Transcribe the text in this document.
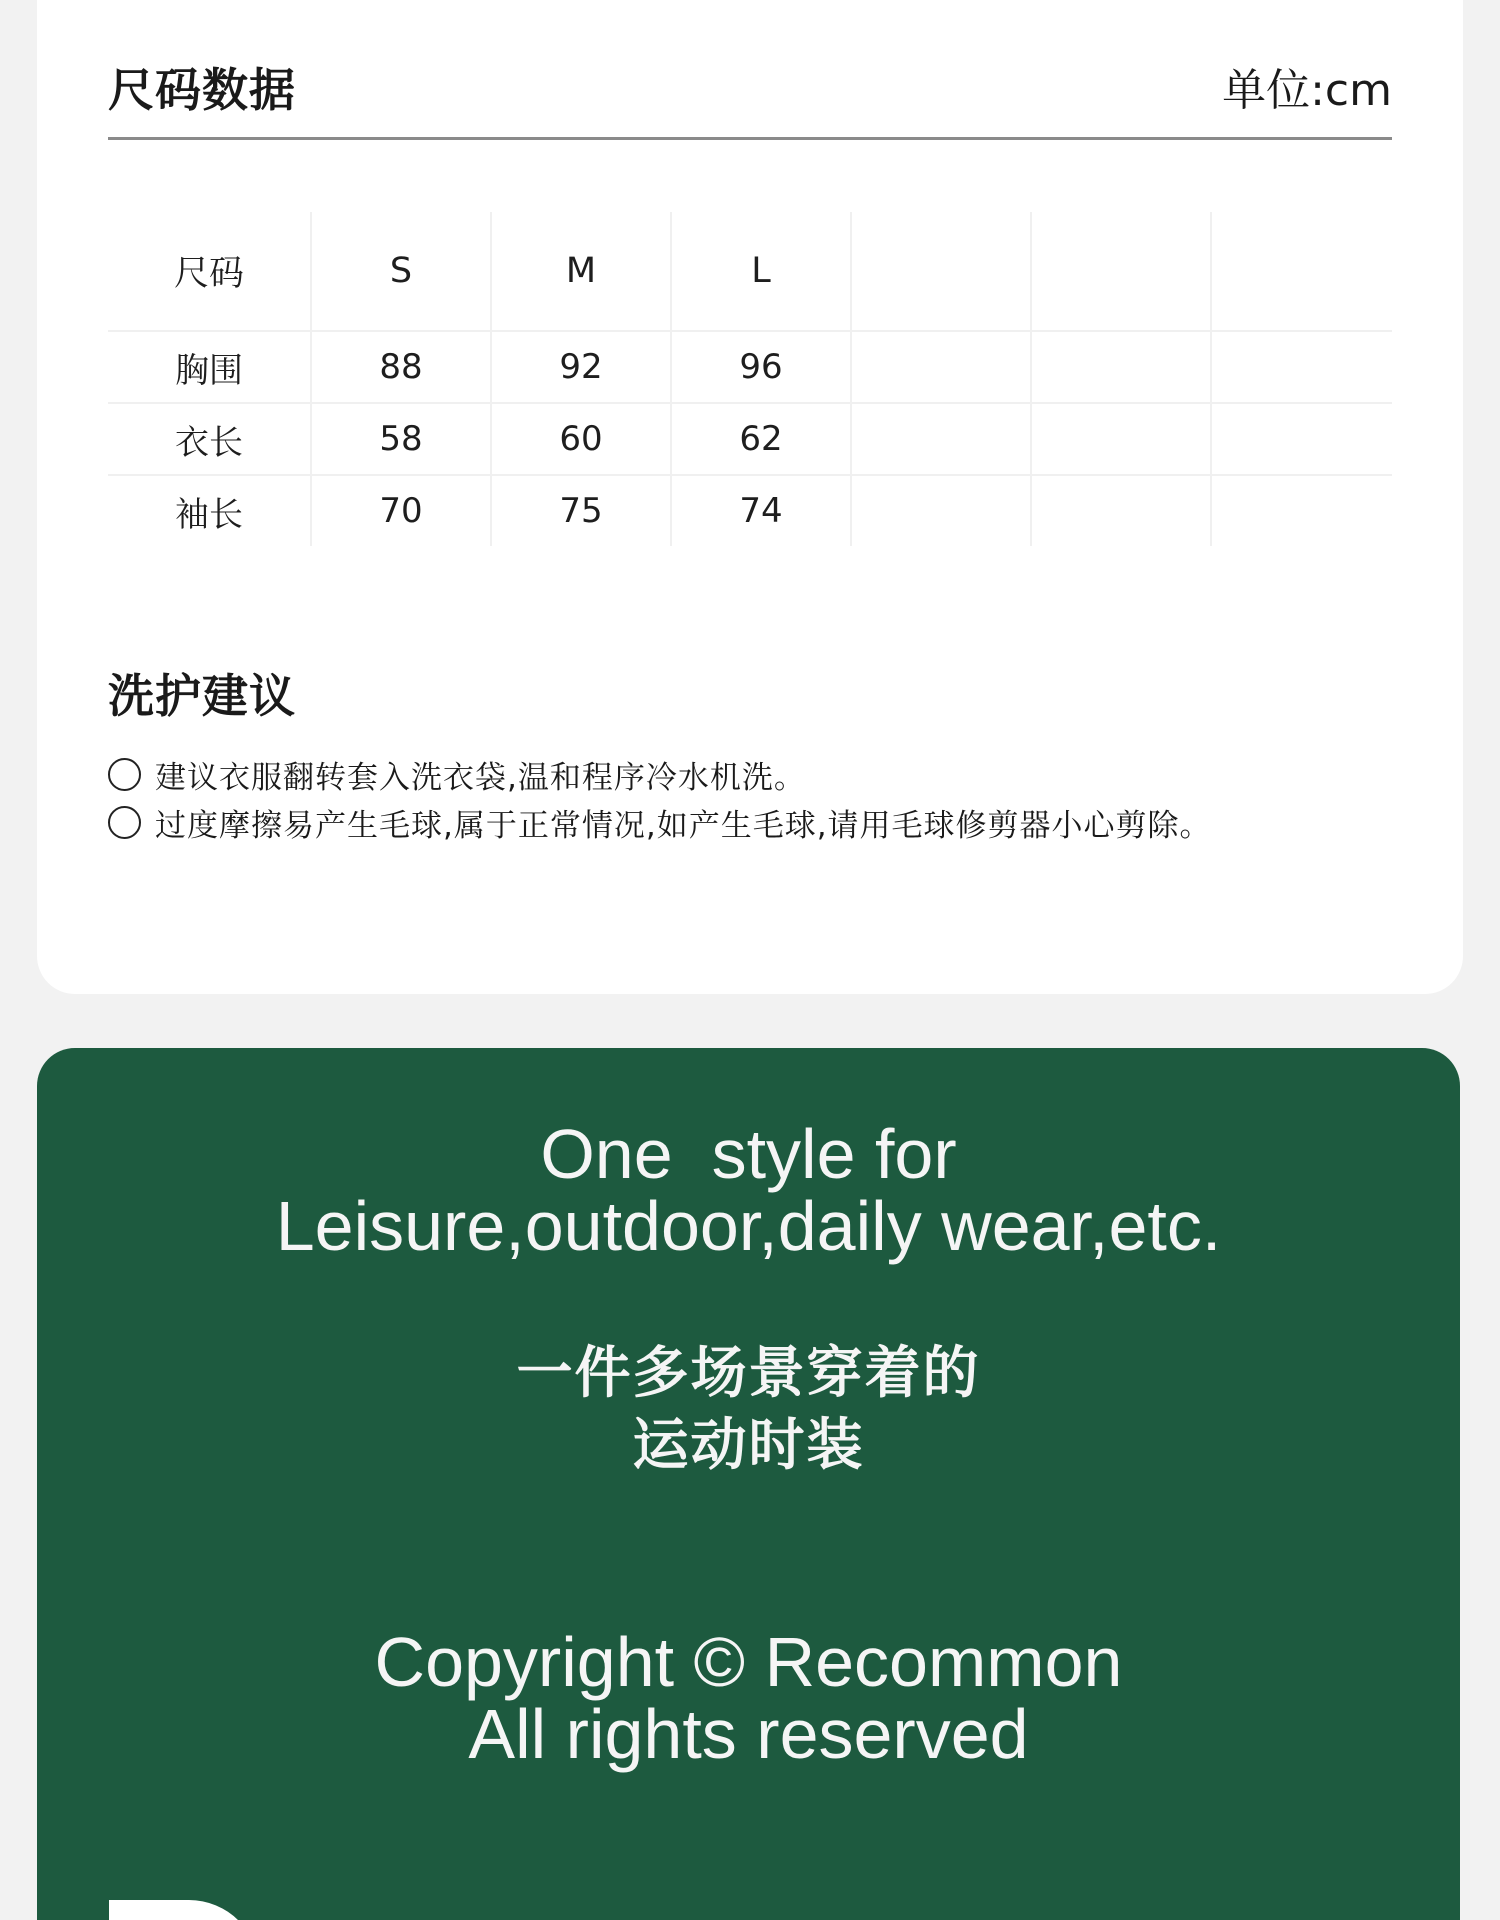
尺码数据	单位:cm
尺码	S	M	L
胸围	88	92	96
衣长	58	60	62
袖长	70	75	74
洗护建议
建议衣服翻转套入洗衣袋,温和程序冷水机洗。
过度摩擦易产生毛球,属于正常情况,如产生毛球,请用毛球修剪器小心剪除。
One  style for
Leisure,outdoor,daily wear,etc.
一件多场景穿着的
运动时装
Copyright © Recommon
All rights reserved
